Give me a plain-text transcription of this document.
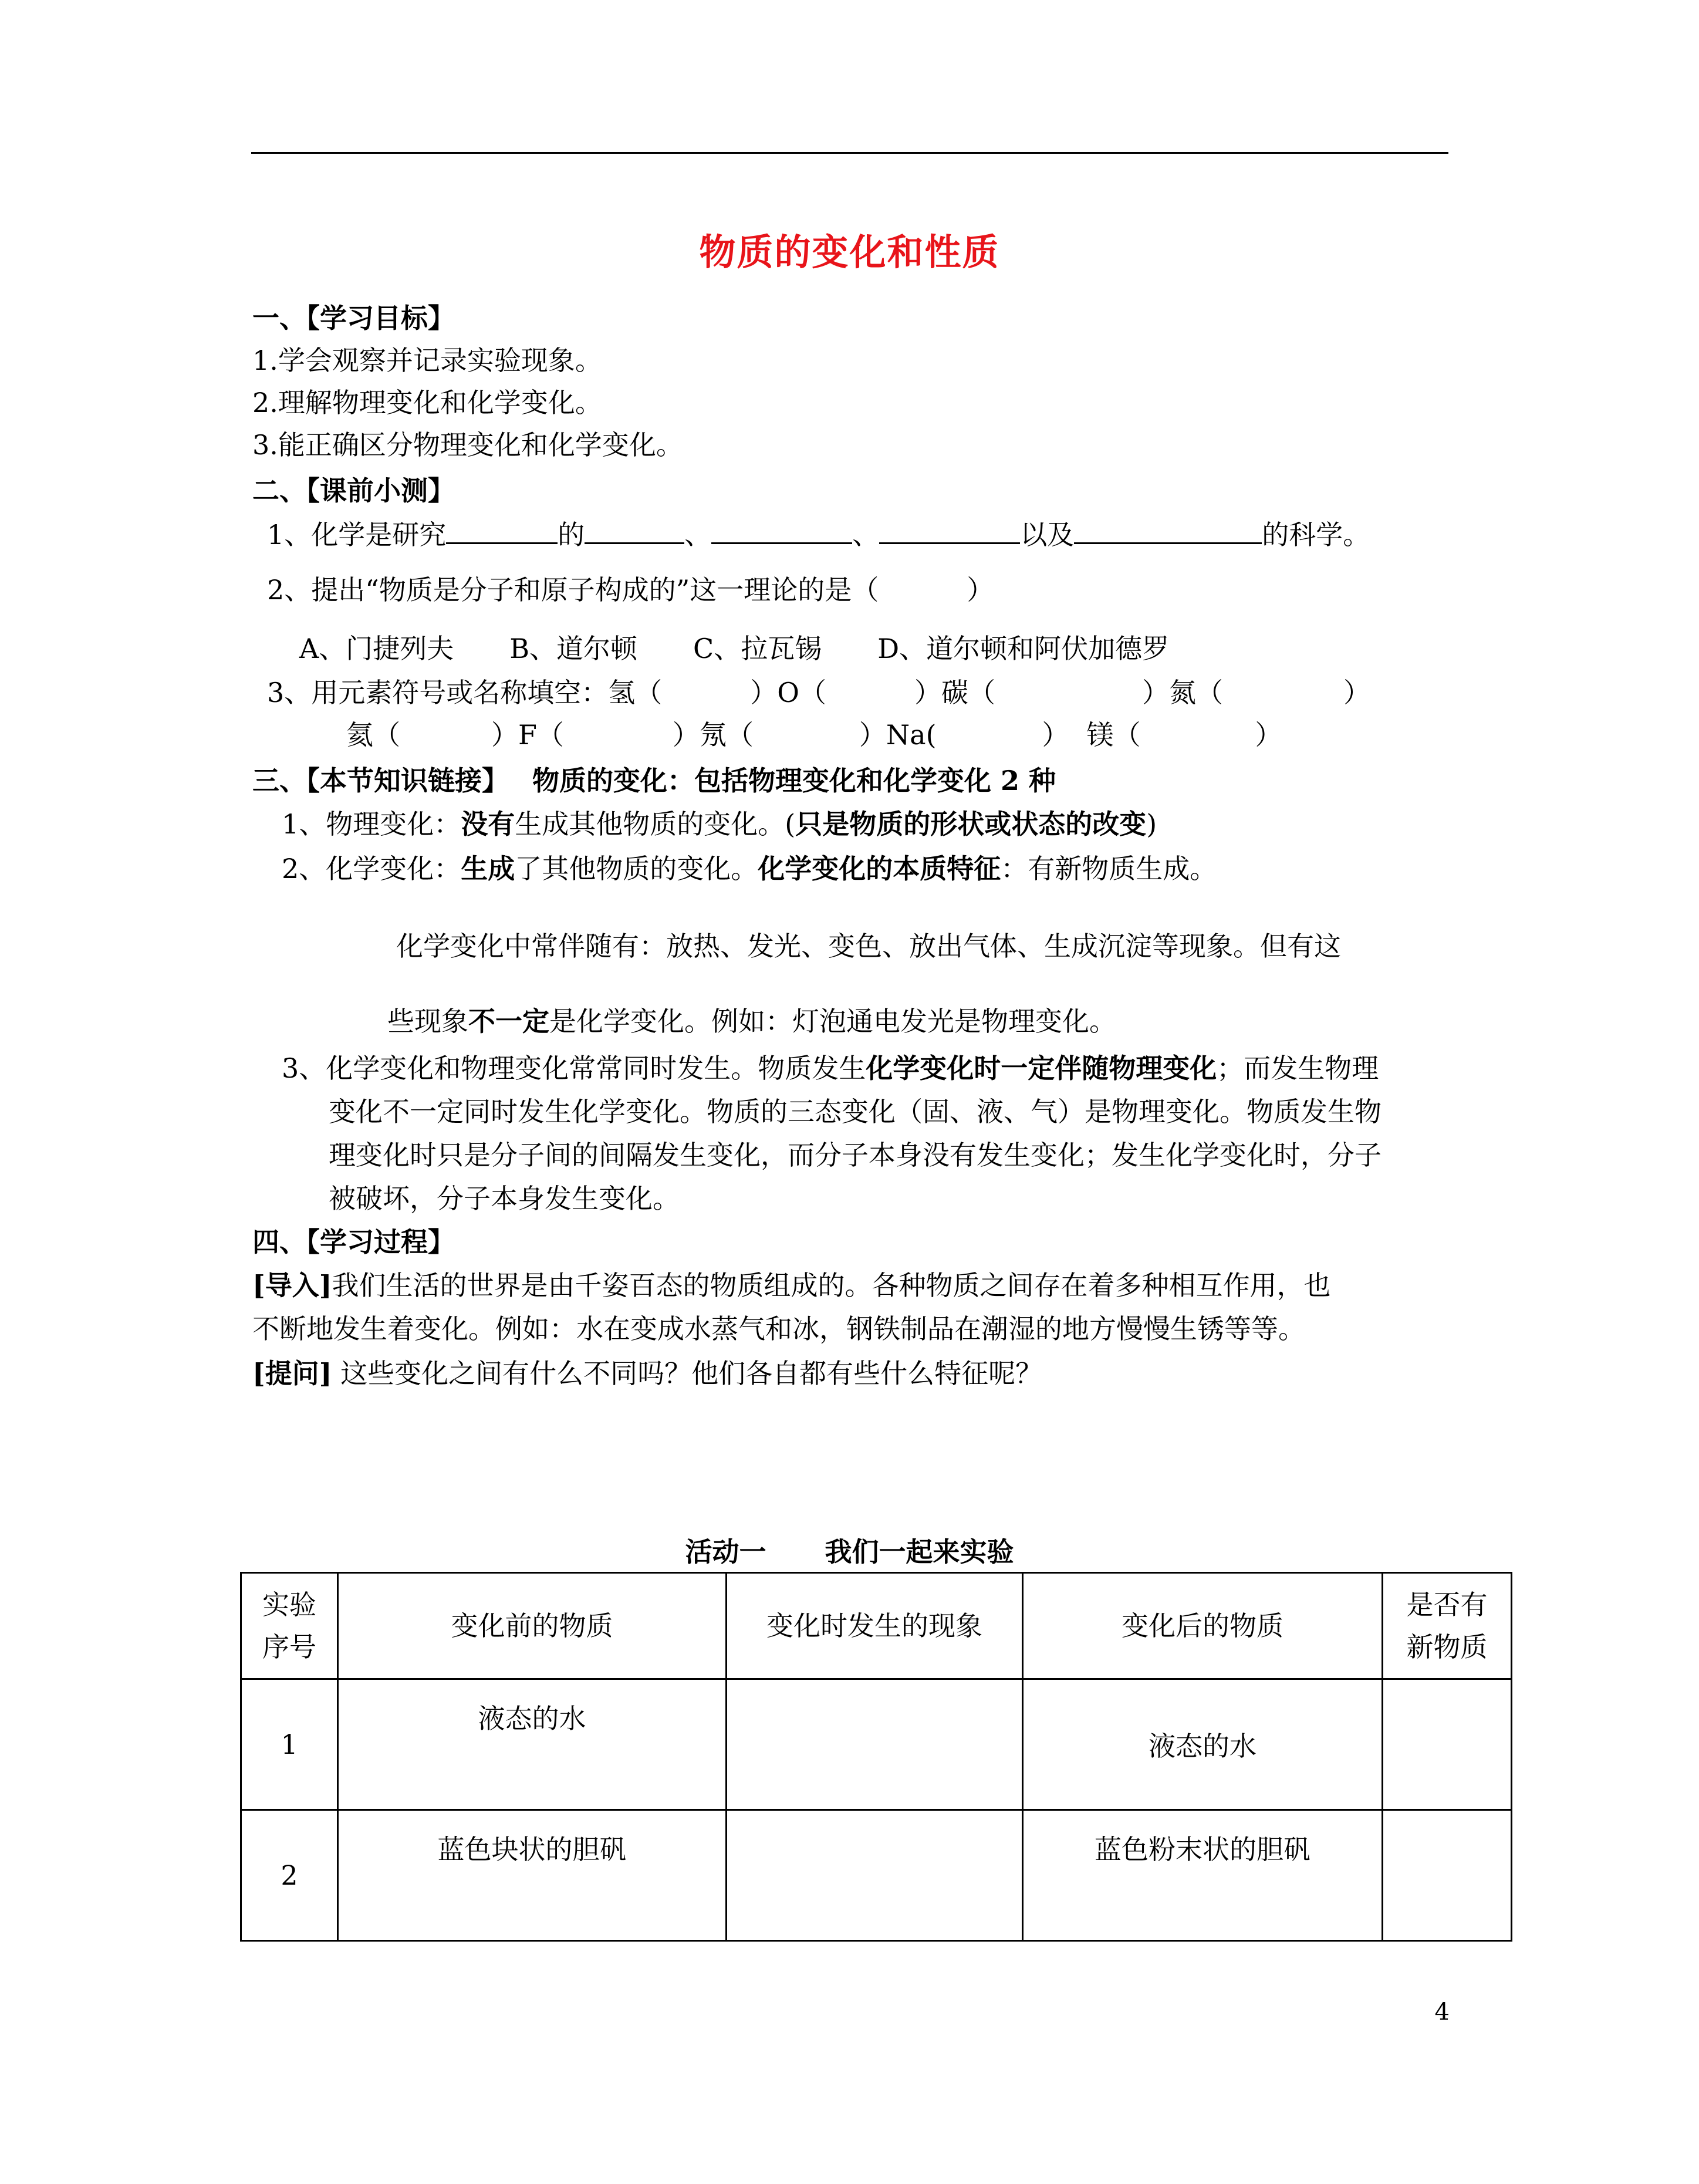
物质的变化和性质
一、【学习目标】
1.学会观察并记录实验现象。
2.理解物理变化和化学变化。
3.能正确区分物理变化和化学变化。
二、【课前小测】
1、化学是研究	的	、	、	以及	的科学。
2、提出“物质是分子和原子构成的”这一理论的是（	）
A、门捷列夫 B、道尔顿 C、拉瓦锡 D、道尔顿和阿伏加德罗
3、用元素符号或名称填空：氢（	）O（	）碳（	）氮（	）
氦（	）F（	）氖（	）Na(	） 镁（	）
三、【本节知识链接】 物质的变化：包括物理变化和化学变化 2 种
1、物理变化：没有生成其他物质的变化。(只是物质的形状或状态的改变)
2、化学变化：生成了其他物质的变化。化学变化的本质特征：有新物质生成。
化学变化中常伴随有：放热、发光、变色、放出气体、生成沉淀等现象。但有这
些现象不一定是化学变化。例如：灯泡通电发光是物理变化。
3、化学变化和物理变化常常同时发生。物质发生化学变化时一定伴随物理变化；而发生物理
变化不一定同时发生化学变化。物质的三态变化（固、液、气）是物理变化。物质发生物
理变化时只是分子间的间隔发生变化，而分子本身没有发生变化；发生化学变化时，分子
被破坏，分子本身发生变化。
四、【学习过程】
[导入]我们生活的世界是由千姿百态的物质组成的。各种物质之间存在着多种相互作用，也
不断地发生着变化。例如：水在变成水蒸气和冰，钢铁制品在潮湿的地方慢慢生锈等等。
[提问] 这些变化之间有什么不同吗？他们各自都有些什么特征呢？
活动一 我们一起来实验
实验
序号	变化前的物质	变化时发生的现象	变化后的物质	是否有
新物质
1	液态的水		液态的水	
2	蓝色块状的胆矾		蓝色粉末状的胆矾	
4
